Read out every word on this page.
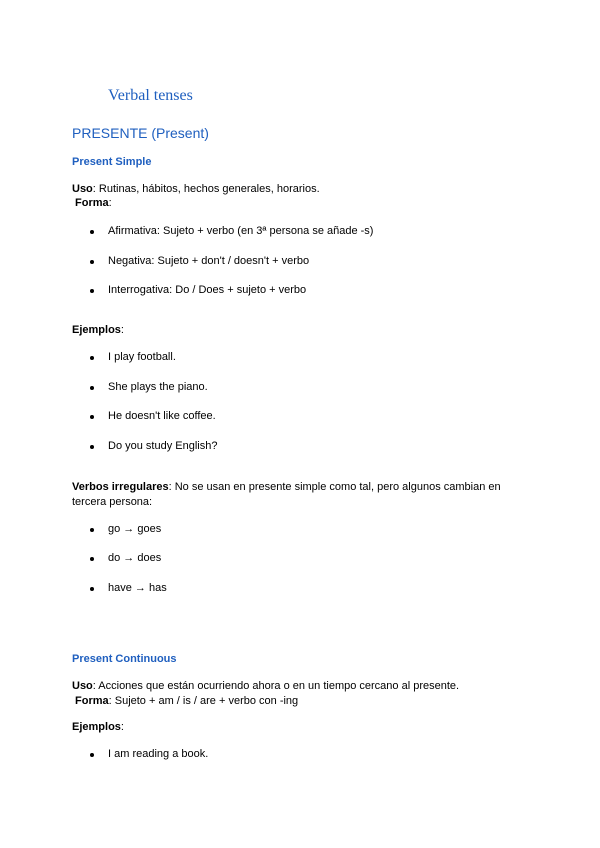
Verbal tenses
PRESENTE (Present)
Present Simple
Uso: Rutinas, hábitos, hechos generales, horarios.
Forma:
Afirmativa: Sujeto + verbo (en 3ª persona se añade -s)
Negativa: Sujeto + don't / doesn't + verbo
Interrogativa: Do / Does + sujeto + verbo
Ejemplos:
I play football.
She plays the piano.
He doesn't like coffee.
Do you study English?
Verbos irregulares: No se usan en presente simple como tal, pero algunos cambian en
tercera persona:
go → goes
do → does
have → has
Present Continuous
Uso: Acciones que están ocurriendo ahora o en un tiempo cercano al presente.
Forma: Sujeto + am / is / are + verbo con -ing
Ejemplos:
I am reading a book.
